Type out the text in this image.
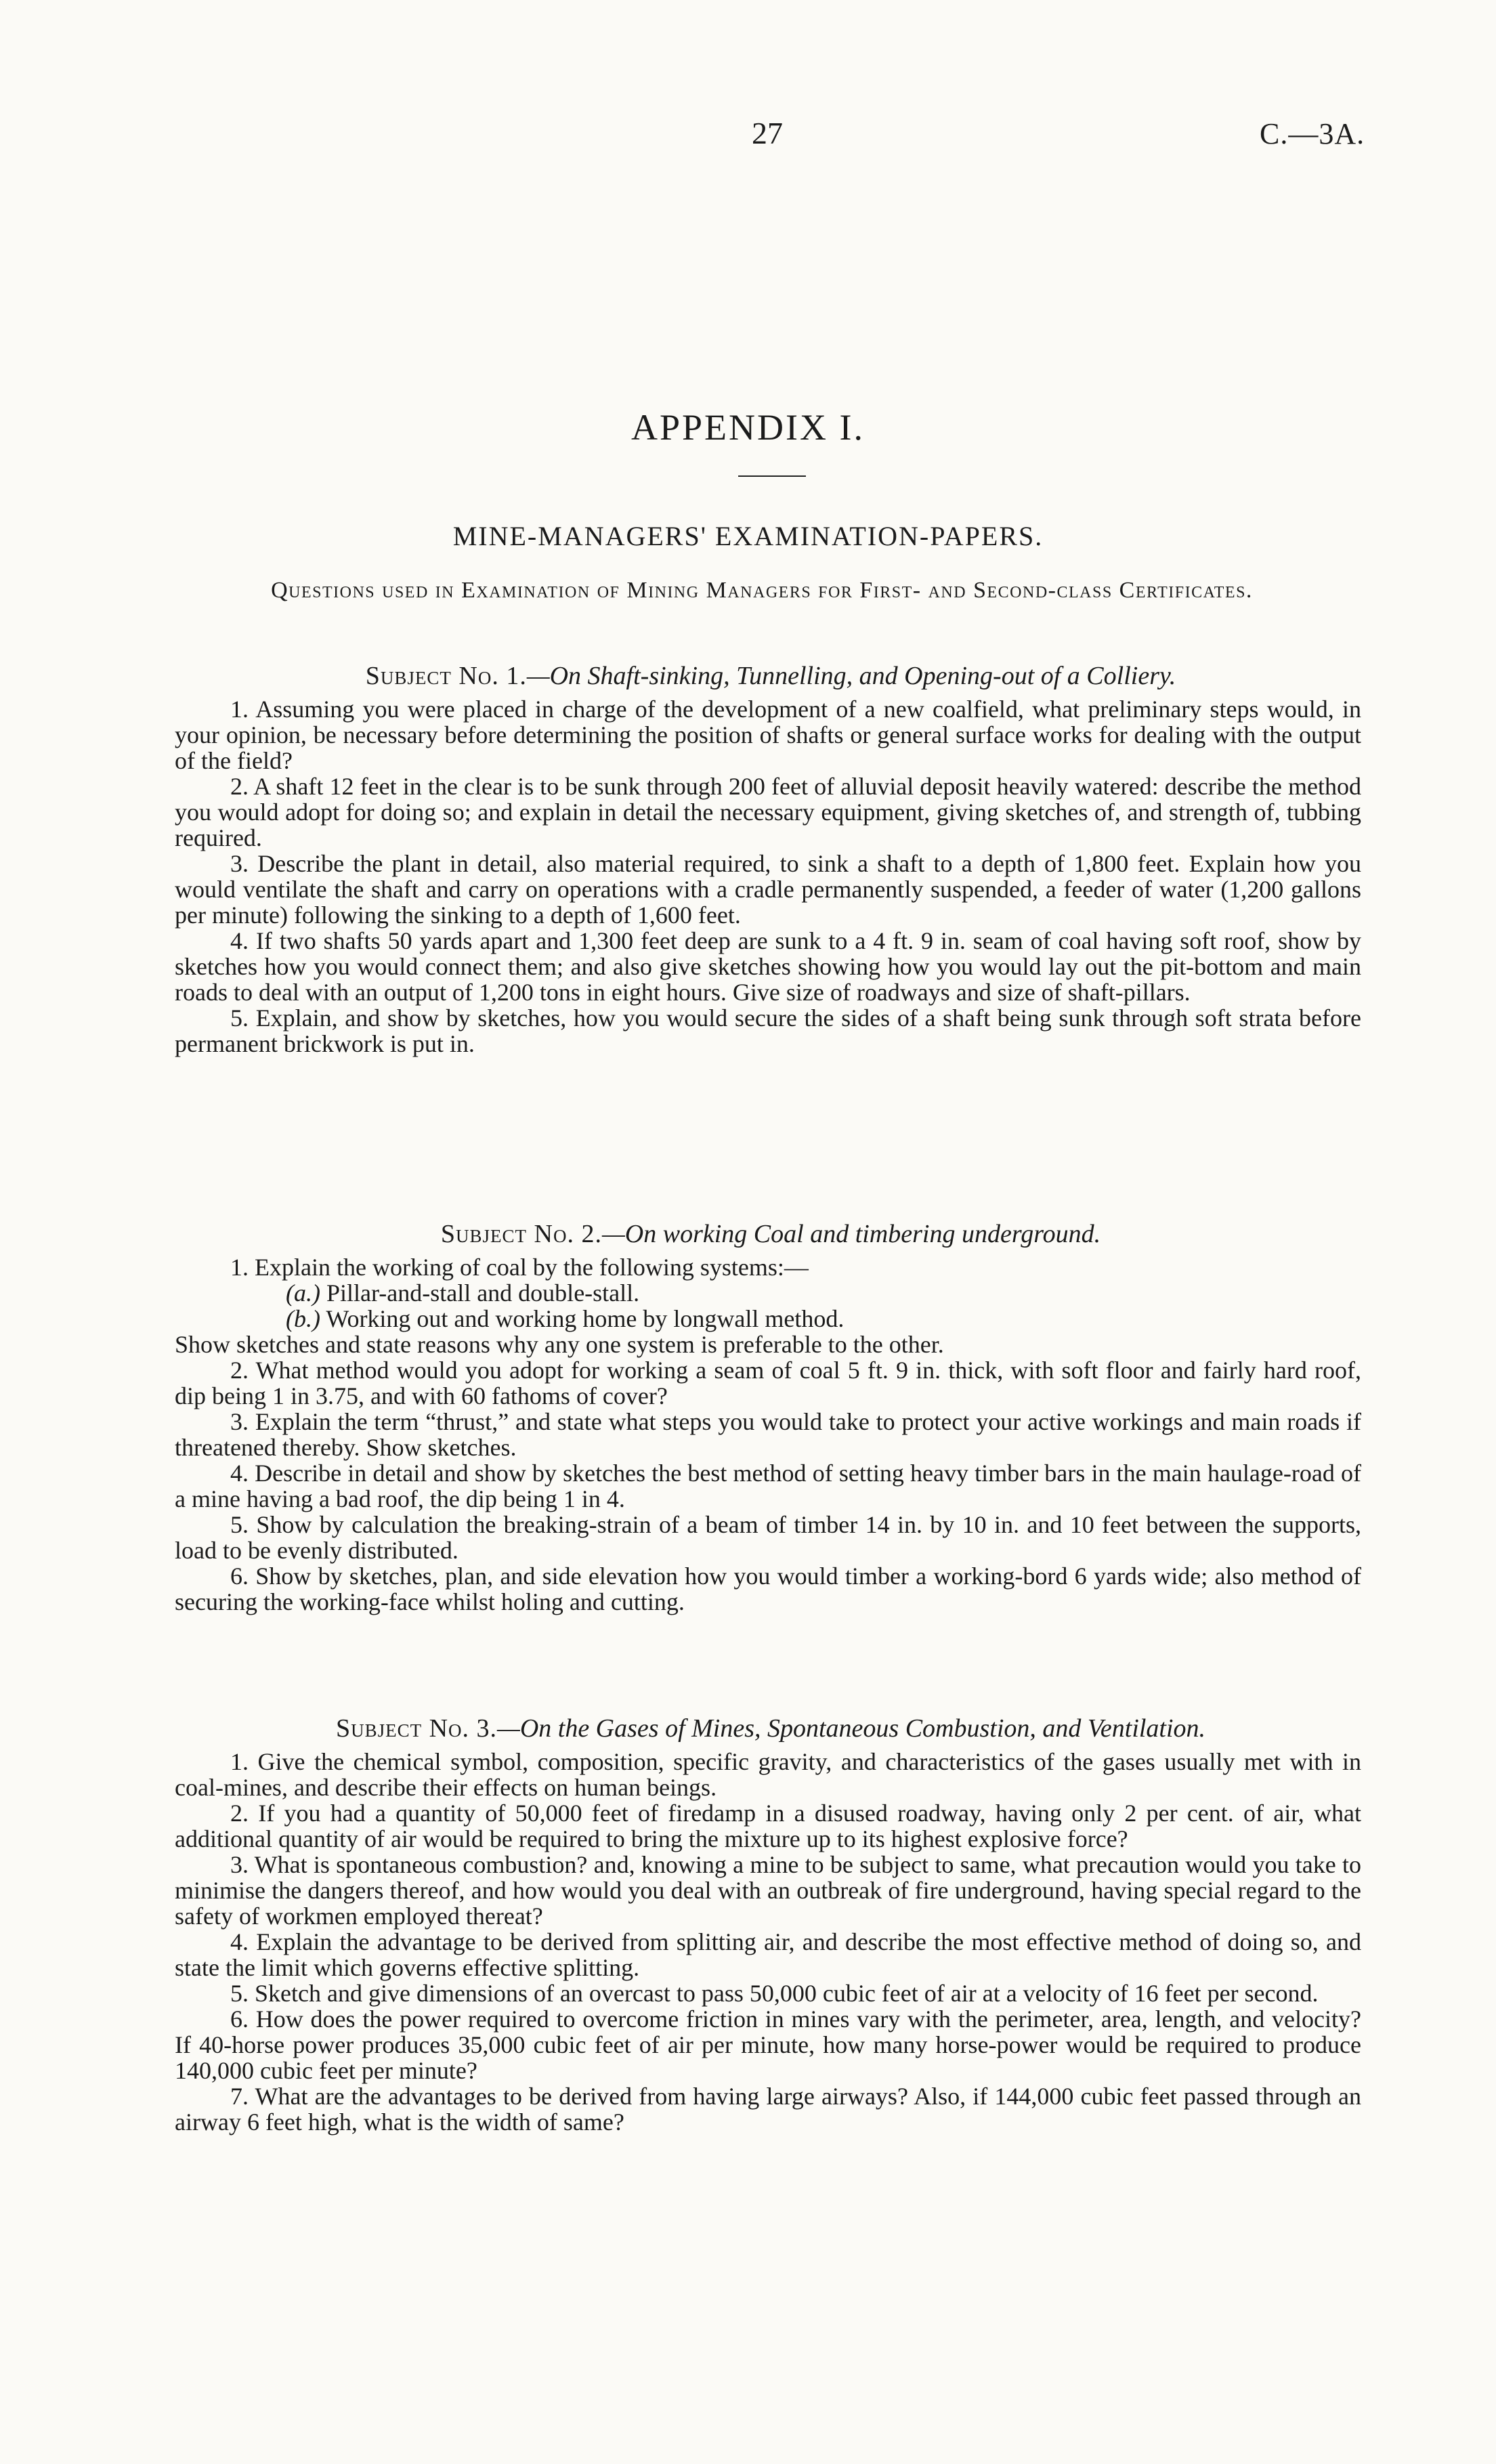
27	C.—3A.
APPENDIX I.
MINE-MANAGERS' EXAMINATION-PAPERS.
Questions used in Examination of Mining Managers for First- and Second-class Certificates.
Subject No. 1.—On Shaft-sinking, Tunnelling, and Opening-out of a Colliery.

1. Assuming you were placed in charge of the development of a new coalfield, what preliminary steps would, in your opinion, be necessary before determining the position of shafts or general surface works for dealing with the output of the field?

2. A shaft 12 feet in the clear is to be sunk through 200 feet of alluvial deposit heavily watered: describe the method you would adopt for doing so; and explain in detail the necessary equipment, giving sketches of, and strength of, tubbing required.

3. Describe the plant in detail, also material required, to sink a shaft to a depth of 1,800 feet. Explain how you would ventilate the shaft and carry on operations with a cradle permanently suspended, a feeder of water (1,200 gallons per minute) following the sinking to a depth of 1,600 feet.

4. If two shafts 50 yards apart and 1,300 feet deep are sunk to a 4 ft. 9 in. seam of coal having soft roof, show by sketches how you would connect them; and also give sketches showing how you would lay out the pit-bottom and main roads to deal with an output of 1,200 tons in eight hours. Give size of roadways and size of shaft-pillars.

5. Explain, and show by sketches, how you would secure the sides of a shaft being sunk through soft strata before permanent brickwork is put in.

Subject No. 2.—On working Coal and timbering underground.

1. Explain the working of coal by the following systems:—

(a.) Pillar-and-stall and double-stall.

(b.) Working out and working home by longwall method.

Show sketches and state reasons why any one system is preferable to the other.

2. What method would you adopt for working a seam of coal 5 ft. 9 in. thick, with soft floor and fairly hard roof, dip being 1 in 3.75, and with 60 fathoms of cover?

3. Explain the term “thrust,” and state what steps you would take to protect your active workings and main roads if threatened thereby. Show sketches.

4. Describe in detail and show by sketches the best method of setting heavy timber bars in the main haulage-road of a mine having a bad roof, the dip being 1 in 4.

5. Show by calculation the breaking-strain of a beam of timber 14 in. by 10 in. and 10 feet between the supports, load to be evenly distributed.

6. Show by sketches, plan, and side elevation how you would timber a working-bord 6 yards wide; also method of securing the working-face whilst holing and cutting.

Subject No. 3.—On the Gases of Mines, Spontaneous Combustion, and Ventilation.

1. Give the chemical symbol, composition, specific gravity, and characteristics of the gases usually met with in coal-mines, and describe their effects on human beings.

2. If you had a quantity of 50,000 feet of firedamp in a disused roadway, having only 2 per cent. of air, what additional quantity of air would be required to bring the mixture up to its highest explosive force?

3. What is spontaneous combustion? and, knowing a mine to be subject to same, what precaution would you take to minimise the dangers thereof, and how would you deal with an outbreak of fire underground, having special regard to the safety of workmen employed thereat?

4. Explain the advantage to be derived from splitting air, and describe the most effective method of doing so, and state the limit which governs effective splitting.

5. Sketch and give dimensions of an overcast to pass 50,000 cubic feet of air at a velocity of 16 feet per second.

6. How does the power required to overcome friction in mines vary with the perimeter, area, length, and velocity? If 40-horse power produces 35,000 cubic feet of air per minute, how many horse-power would be required to produce 140,000 cubic feet per minute?

7. What are the advantages to be derived from having large airways? Also, if 144,000 cubic feet passed through an airway 6 feet high, what is the width of same?
